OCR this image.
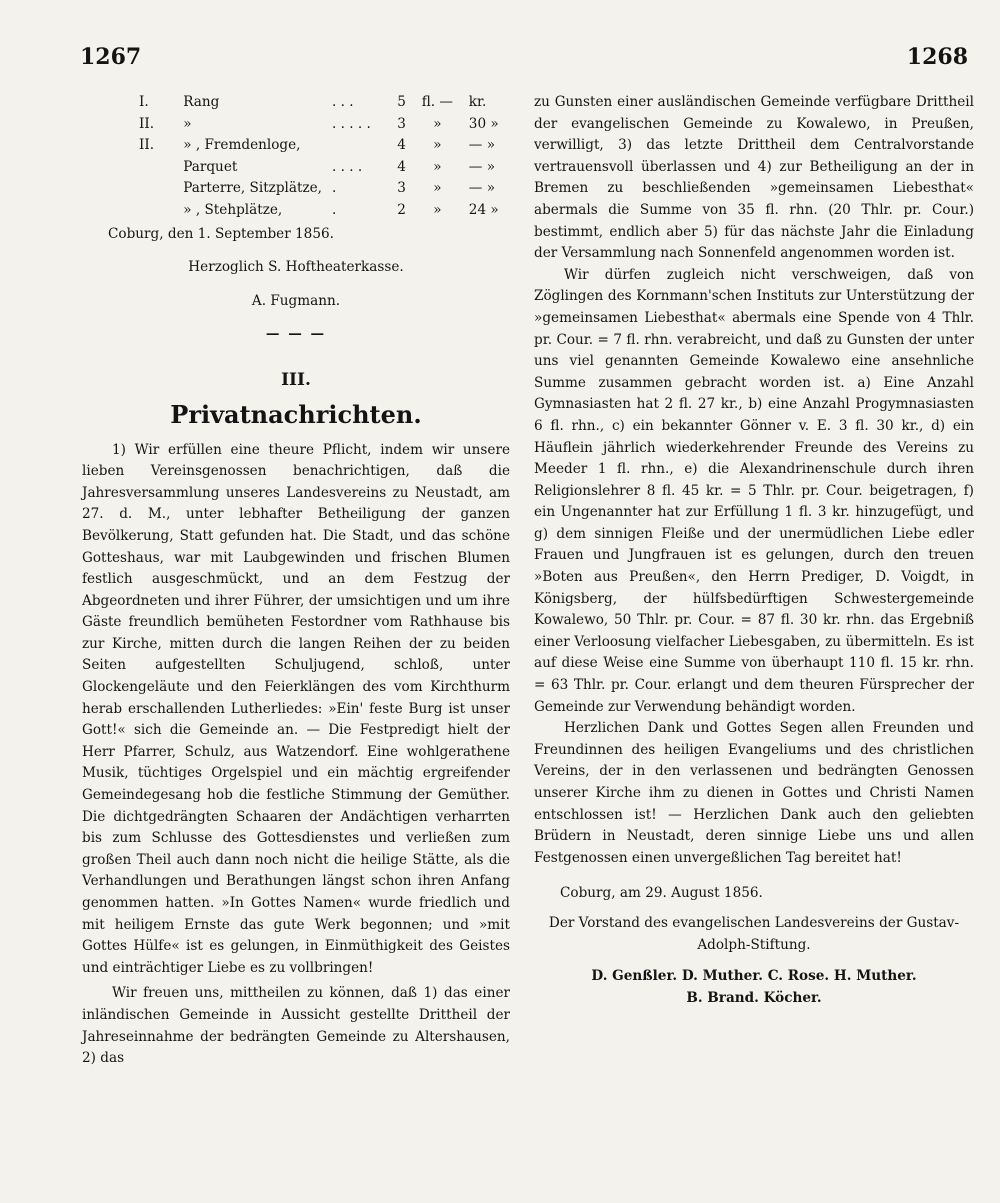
1267	1268
I.	Rang	. . .	5	fl. —	kr.
II.	»	. . . . .	3	»	30 »
II.	» , Fremdenloge,		4	»	— »
	Parquet	. . . .	4	»	— »
	Parterre, Sitzplätze,	.	3	»	— »
	» , Stehplätze,	.	2	»	24 »
Coburg, den 1. September 1856.
Herzoglich S. Hoftheaterkasse.
A. Fugmann.
— — —
III.
Privatnachrichten.

1) Wir erfüllen eine theure Pflicht, indem wir unsere lieben Vereinsgenossen benachrichtigen, daß die Jahresversammlung unseres Landesvereins zu Neustadt, am 27. d. M., unter lebhafter Betheiligung der ganzen Bevölkerung, Statt gefunden hat. Die Stadt, und das schöne Gotteshaus, war mit Laubgewinden und frischen Blumen festlich ausgeschmückt, und an dem Festzug der Abgeordneten und ihrer Führer, der umsichtigen und um ihre Gäste freundlich bemüheten Festordner vom Rathhause bis zur Kirche, mitten durch die langen Reihen der zu beiden Seiten aufgestellten Schuljugend, schloß, unter Glockengeläute und den Feierklängen des vom Kirchthurm herab erschallenden Lutherliedes: »Ein' feste Burg ist unser Gott!« sich die Gemeinde an. — Die Festpredigt hielt der Herr Pfarrer, Schulz, aus Watzendorf. Eine wohlgerathene Musik, tüchtiges Orgelspiel und ein mächtig ergreifender Gemeindegesang hob die festliche Stimmung der Gemüther. Die dichtgedrängten Schaaren der Andächtigen verharrten bis zum Schlusse des Gottesdienstes und verließen zum großen Theil auch dann noch nicht die heilige Stätte, als die Verhandlungen und Berathungen längst schon ihren Anfang genommen hatten. »In Gottes Namen« wurde friedlich und mit heiligem Ernste das gute Werk begonnen; und »mit Gottes Hülfe« ist es gelungen, in Einmüthigkeit des Geistes und einträchtiger Liebe es zu vollbringen!

Wir freuen uns, mittheilen zu können, daß 1) das einer inländischen Gemeinde in Aussicht gestellte Drittheil der Jahreseinnahme der bedrängten Gemeinde zu Altershausen, 2) das

zu Gunsten einer ausländischen Gemeinde verfügbare Drittheil der evangelischen Gemeinde zu Kowalewo, in Preußen, verwilligt, 3) das letzte Drittheil dem Centralvorstande vertrauensvoll überlassen und 4) zur Betheiligung an der in Bremen zu beschließenden »gemeinsamen Liebesthat« abermals die Summe von 35 fl. rhn. (20 Thlr. pr. Cour.) bestimmt, endlich aber 5) für das nächste Jahr die Einladung der Versammlung nach Sonnenfeld angenommen worden ist.

Wir dürfen zugleich nicht verschweigen, daß von Zöglingen des Kornmann'schen Instituts zur Unterstützung der »gemeinsamen Liebesthat« abermals eine Spende von 4 Thlr. pr. Cour. = 7 fl. rhn. verabreicht, und daß zu Gunsten der unter uns viel genannten Gemeinde Kowalewo eine ansehnliche Summe zusammen gebracht worden ist. a) Eine Anzahl Gymnasiasten hat 2 fl. 27 kr., b) eine Anzahl Progymnasiasten 6 fl. rhn., c) ein bekannter Gönner v. E. 3 fl. 30 kr., d) ein Häuflein jährlich wiederkehrender Freunde des Vereins zu Meeder 1 fl. rhn., e) die Alexandrinenschule durch ihren Religionslehrer 8 fl. 45 kr. = 5 Thlr. pr. Cour. beigetragen, f) ein Ungenannter hat zur Erfüllung 1 fl. 3 kr. hinzugefügt, und g) dem sinnigen Fleiße und der unermüdlichen Liebe edler Frauen und Jungfrauen ist es gelungen, durch den treuen »Boten aus Preußen«, den Herrn Prediger, D. Voigdt, in Königsberg, der hülfsbedürftigen Schwestergemeinde Kowalewo, 50 Thlr. pr. Cour. = 87 fl. 30 kr. rhn. das Ergebniß einer Verloosung vielfacher Liebesgaben, zu übermitteln. Es ist auf diese Weise eine Summe von überhaupt 110 fl. 15 kr. rhn. = 63 Thlr. pr. Cour. erlangt und dem theuren Fürsprecher der Gemeinde zur Verwendung behändigt worden.

Herzlichen Dank und Gottes Segen allen Freunden und Freundinnen des heiligen Evangeliums und des christlichen Vereins, der in den verlassenen und bedrängten Genossen unserer Kirche ihm zu dienen in Gottes und Christi Namen entschlossen ist! — Herzlichen Dank auch den geliebten Brüdern in Neustadt, deren sinnige Liebe uns und allen Festgenossen einen unvergeßlichen Tag bereitet hat!

Coburg, am 29. August 1856.
Der Vorstand des evangelischen Landesvereins der Gustav-Adolph-Stiftung.
D. Genßler. D. Muther. C. Rose. H. Muther.
B. Brand. Köcher.
